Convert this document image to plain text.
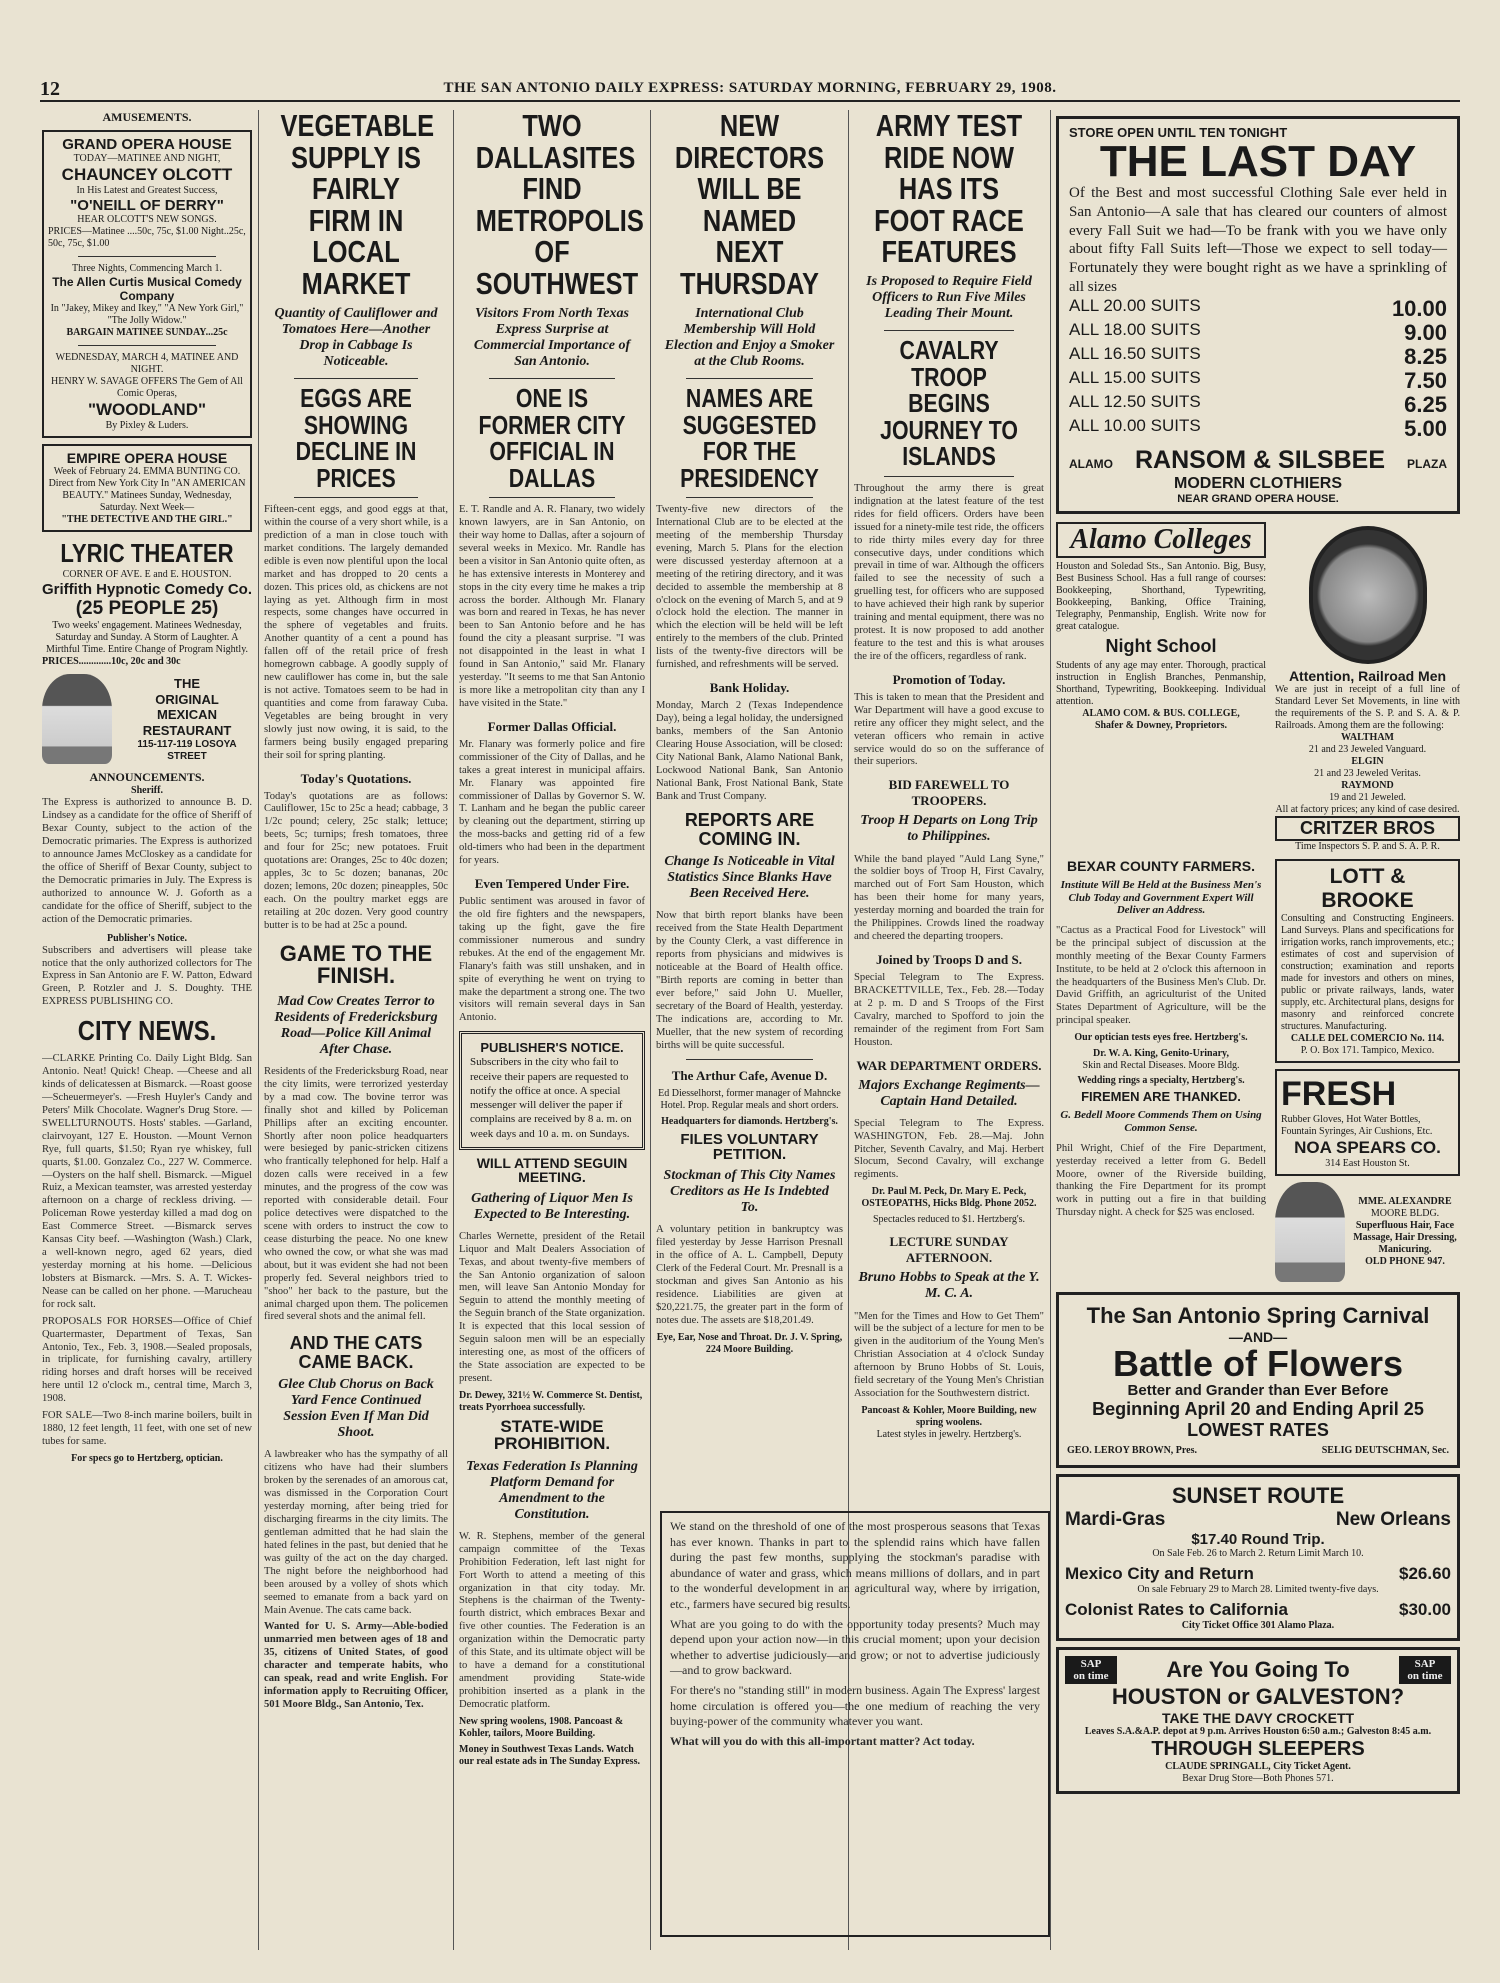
12	THE SAN ANTONIO DAILY EXPRESS: SATURDAY MORNING, FEBRUARY 29, 1908.
AMUSEMENTS.
GRAND OPERA HOUSE
TODAY—MATINEE AND NIGHT,
CHAUNCEY OLCOTT
In His Latest and Greatest Success,
"O'NEILL OF DERRY"
HEAR OLCOTT'S NEW SONGS.
PRICES—Matinee ....50c, 75c, $1.00 Night..25c, 50c, 75c, $1.00
Three Nights, Commencing March 1.
The Allen Curtis Musical Comedy Company
In "Jakey, Mikey and Ikey," "A New York Girl," "The Jolly Widow."
BARGAIN MATINEE SUNDAY...25c
WEDNESDAY, MARCH 4, MATINEE AND NIGHT.
HENRY W. SAVAGE OFFERS The Gem of All Comic Operas,
"WOODLAND"
By Pixley & Luders.
EMPIRE OPERA HOUSE
Week of February 24. EMMA BUNTING CO. Direct from New York City In "AN AMERICAN BEAUTY." Matinees Sunday, Wednesday, Saturday. Next Week—
"THE DETECTIVE AND THE GIRL."
LYRIC THEATER
CORNER OF AVE. E and E. HOUSTON.
Griffith Hypnotic Comedy Co.
(25 PEOPLE 25)
Two weeks' engagement. Matinees Wednesday, Saturday and Sunday. A Storm of Laughter. A Mirthful Time. Entire Change of Program Nightly.
PRICES.............10c, 20c and 30c
THE
ORIGINAL
MEXICAN
RESTAURANT
115-117-119 LOSOYA STREET
ANNOUNCEMENTS.
Sheriff.
The Express is authorized to announce B. D. Lindsey as a candidate for the office of Sheriff of Bexar County, subject to the action of the Democratic primaries. The Express is authorized to announce James McCloskey as a candidate for the office of Sheriff of Bexar County, subject to the Democratic primaries in July. The Express is authorized to announce W. J. Goforth as a candidate for the office of Sheriff, subject to the action of the Democratic primaries.
Publisher's Notice.
Subscribers and advertisers will please take notice that the only authorized collectors for The Express in San Antonio are F. W. Patton, Edward Green, P. Rotzler and J. S. Doughty. THE EXPRESS PUBLISHING CO.
CITY NEWS.
—CLARKE Printing Co. Daily Light Bldg. San Antonio. Neat! Quick! Cheap. —Cheese and all kinds of delicatessen at Bismarck. —Roast goose—Scheuermeyer's. —Fresh Huyler's Candy and Peters' Milk Chocolate. Wagner's Drug Store. —SWELLTURNOUTS. Hosts' stables. —Garland, clairvoyant, 127 E. Houston. —Mount Vernon Rye, full quarts, $1.50; Ryan rye whiskey, full quarts, $1.00. Gonzalez Co., 227 W. Commerce. —Oysters on the half shell. Bismarck. —Miguel Ruiz, a Mexican teamster, was arrested yesterday afternoon on a charge of reckless driving. —Policeman Rowe yesterday killed a mad dog on East Commerce Street. —Bismarck serves Kansas City beef. —Washington (Wash.) Clark, a well-known negro, aged 62 years, died yesterday morning at his home. —Delicious lobsters at Bismarck. —Mrs. S. A. T. Wickes-Nease can be called on her phone. —Marucheau for rock salt.
PROPOSALS FOR HORSES—Office of Chief Quartermaster, Department of Texas, San Antonio, Tex., Feb. 3, 1908.—Sealed proposals, in triplicate, for furnishing cavalry, artillery riding horses and draft horses will be received here until 12 o'clock m., central time, March 3, 1908.
FOR SALE—Two 8-inch marine boilers, built in 1880, 12 feet length, 11 feet, with one set of new tubes for same.
For specs go to Hertzberg, optician.
VEGETABLE SUPPLY IS FAIRLY FIRM IN LOCAL MARKET
Quantity of Cauliflower and Tomatoes Here—Another Drop in Cabbage Is Noticeable.
EGGS ARE SHOWING DECLINE IN PRICES
Fifteen-cent eggs, and good eggs at that, within the course of a very short while, is a prediction of a man in close touch with market conditions. The largely demanded edible is even now plentiful upon the local market and has dropped to 20 cents a dozen. This prices old, as chickens are not laying as yet. Although firm in most respects, some changes have occurred in the sphere of vegetables and fruits. Another quantity of a cent a pound has fallen off of the retail price of fresh homegrown cabbage. A goodly supply of new cauliflower has come in, but the sale is not active. Tomatoes seem to be had in quantities and come from faraway Cuba. Vegetables are being brought in very slowly just now owing, it is said, to the farmers being busily engaged preparing their soil for spring planting.
Today's Quotations.
Today's quotations are as follows: Cauliflower, 15c to 25c a head; cabbage, 3 1/2c pound; celery, 25c stalk; lettuce; beets, 5c; turnips; fresh tomatoes, three and four for 25c; new potatoes. Fruit quotations are: Oranges, 25c to 40c dozen; apples, 3c to 5c dozen; bananas, 20c dozen; lemons, 20c dozen; pineapples, 50c each. On the poultry market eggs are retailing at 20c dozen. Very good country butter is to be had at 25c a pound.
GAME TO THE FINISH.
Mad Cow Creates Terror to Residents of Fredericksburg Road—Police Kill Animal After Chase.
Residents of the Fredericksburg Road, near the city limits, were terrorized yesterday by a mad cow. The bovine terror was finally shot and killed by Policeman Phillips after an exciting encounter. Shortly after noon police headquarters were besieged by panic-stricken citizens who frantically telephoned for help. Half a dozen calls were received in a few minutes, and the progress of the cow was reported with considerable detail. Four police detectives were dispatched to the scene with orders to instruct the cow to cease disturbing the peace. No one knew who owned the cow, or what she was mad about, but it was evident she had not been properly fed. Several neighbors tried to "shoo" her back to the pasture, but the animal charged upon them. The policemen fired several shots and the animal fell.
AND THE CATS CAME BACK.
Glee Club Chorus on Back Yard Fence Continued Session Even If Man Did Shoot.
A lawbreaker who has the sympathy of all citizens who have had their slumbers broken by the serenades of an amorous cat, was dismissed in the Corporation Court yesterday morning, after being tried for discharging firearms in the city limits. The gentleman admitted that he had slain the hated felines in the past, but denied that he was guilty of the act on the day charged. The night before the neighborhood had been aroused by a volley of shots which seemed to emanate from a back yard on Main Avenue. The cats came back.
Wanted for U. S. Army—Able-bodied unmarried men between ages of 18 and 35, citizens of United States, of good character and temperate habits, who can speak, read and write English. For information apply to Recruiting Officer, 501 Moore Bldg., San Antonio, Tex.
TWO DALLASITES FIND METROPOLIS OF SOUTHWEST
Visitors From North Texas Express Surprise at Commercial Importance of San Antonio.
ONE IS FORMER CITY OFFICIAL IN DALLAS
E. T. Randle and A. R. Flanary, two widely known lawyers, are in San Antonio, on their way home to Dallas, after a sojourn of several weeks in Mexico. Mr. Randle has been a visitor in San Antonio quite often, as he has extensive interests in Monterey and stops in the city every time he makes a trip across the border. Although Mr. Flanary was born and reared in Texas, he has never been to San Antonio before and he has found the city a pleasant surprise. "I was not disappointed in the least in what I found in San Antonio," said Mr. Flanary yesterday. "It seems to me that San Antonio is more like a metropolitan city than any I have visited in the State."
Former Dallas Official.
Mr. Flanary was formerly police and fire commissioner of the City of Dallas, and he takes a great interest in municipal affairs. Mr. Flanary was appointed fire commissioner of Dallas by Governor S. W. T. Lanham and he began the public career by cleaning out the department, stirring up the moss-backs and getting rid of a few old-timers who had been in the department for years.
Even Tempered Under Fire.
Public sentiment was aroused in favor of the old fire fighters and the newspapers, taking up the fight, gave the fire commissioner numerous and sundry rebukes. At the end of the engagement Mr. Flanary's faith was still unshaken, and in spite of everything he went on trying to make the department a strong one. The two visitors will remain several days in San Antonio.
PUBLISHER'S NOTICE.
Subscribers in the city who fail to receive their papers are requested to notify the office at once. A special messenger will deliver the paper if complains are received by 8 a. m. on week days and 10 a. m. on Sundays.
WILL ATTEND SEGUIN MEETING.
Gathering of Liquor Men Is Expected to Be Interesting.
Charles Wernette, president of the Retail Liquor and Malt Dealers Association of Texas, and about twenty-five members of the San Antonio organization of saloon men, will leave San Antonio Monday for Seguin to attend the monthly meeting of the Seguin branch of the State organization. It is expected that this local session of Seguin saloon men will be an especially interesting one, as most of the officers of the State association are expected to be present.
Dr. Dewey, 321½ W. Commerce St. Dentist, treats Pyorrhoea successfully.
STATE-WIDE PROHIBITION.
Texas Federation Is Planning Platform Demand for Amendment to the Constitution.
W. R. Stephens, member of the general campaign committee of the Texas Prohibition Federation, left last night for Fort Worth to attend a meeting of this organization in that city today. Mr. Stephens is the chairman of the Twenty-fourth district, which embraces Bexar and five other counties. The Federation is an organization within the Democratic party of this State, and its ultimate object will be to have a demand for a constitutional amendment providing State-wide prohibition inserted as a plank in the Democratic platform.
New spring woolens, 1908. Pancoast & Kohler, tailors, Moore Building.
Money in Southwest Texas Lands. Watch our real estate ads in The Sunday Express.
NEW DIRECTORS WILL BE NAMED NEXT THURSDAY
International Club Membership Will Hold Election and Enjoy a Smoker at the Club Rooms.
NAMES ARE SUGGESTED FOR THE PRESIDENCY
Twenty-five new directors of the International Club are to be elected at the meeting of the membership Thursday evening, March 5. Plans for the election were discussed yesterday afternoon at a meeting of the retiring directory, and it was decided to assemble the membership at 8 o'clock on the evening of March 5, and at 9 o'clock hold the election. The manner in which the election will be held will be left entirely to the members of the club. Printed lists of the twenty-five directors will be furnished, and refreshments will be served.
Bank Holiday.
Monday, March 2 (Texas Independence Day), being a legal holiday, the undersigned banks, members of the San Antonio Clearing House Association, will be closed: City National Bank, Alamo National Bank, Lockwood National Bank, San Antonio National Bank, Frost National Bank, State Bank and Trust Company.
REPORTS ARE COMING IN.
Change Is Noticeable in Vital Statistics Since Blanks Have Been Received Here.
Now that birth report blanks have been received from the State Health Department by the County Clerk, a vast difference in reports from physicians and midwives is noticeable at the Board of Health office. "Birth reports are coming in better than ever before," said John U. Mueller, secretary of the Board of Health, yesterday. The indications are, according to Mr. Mueller, that the new system of recording births will be quite successful.
The Arthur Cafe, Avenue D.
Ed Diesselhorst, former manager of Mahncke Hotel. Prop. Regular meals and short orders.
Headquarters for diamonds. Hertzberg's.
FILES VOLUNTARY PETITION.
Stockman of This City Names Creditors as He Is Indebted To.
A voluntary petition in bankruptcy was filed yesterday by Jesse Harrison Presnall in the office of A. L. Campbell, Deputy Clerk of the Federal Court. Mr. Presnall is a stockman and gives San Antonio as his residence. Liabilities are given at $20,221.75, the greater part in the form of notes due. The assets are $18,201.49.
Eye, Ear, Nose and Throat. Dr. J. V. Spring, 224 Moore Building.
ARMY TEST RIDE NOW HAS ITS FOOT RACE FEATURES
Is Proposed to Require Field Officers to Run Five Miles Leading Their Mount.
CAVALRY TROOP BEGINS JOURNEY TO ISLANDS
Throughout the army there is great indignation at the latest feature of the test rides for field officers. Orders have been issued for a ninety-mile test ride, the officers to ride thirty miles every day for three consecutive days, under conditions which prevail in time of war. Although the officers failed to see the necessity of such a gruelling test, for officers who are supposed to have achieved their high rank by superior training and mental equipment, there was no protest. It is now proposed to add another feature to the test and this is what arouses the ire of the officers, regardless of rank.
Promotion of Today.
This is taken to mean that the President and War Department will have a good excuse to retire any officer they might select, and the veteran officers who remain in active service would do so on the sufferance of their superiors.
BID FAREWELL TO TROOPERS.
Troop H Departs on Long Trip to Philippines.
While the band played "Auld Lang Syne," the soldier boys of Troop H, First Cavalry, marched out of Fort Sam Houston, which has been their home for many years, yesterday morning and boarded the train for the Philippines. Crowds lined the roadway and cheered the departing troopers.
Joined by Troops D and S.
Special Telegram to The Express. BRACKETTVILLE, Tex., Feb. 28.—Today at 2 p. m. D and S Troops of the First Cavalry, marched to Spofford to join the remainder of the regiment from Fort Sam Houston.
WAR DEPARTMENT ORDERS.
Majors Exchange Regiments—Captain Hand Detailed.
Special Telegram to The Express. WASHINGTON, Feb. 28.—Maj. John Pitcher, Seventh Cavalry, and Maj. Herbert Slocum, Second Cavalry, will exchange regiments.
Dr. Paul M. Peck, Dr. Mary E. Peck, OSTEOPATHS, Hicks Bldg. Phone 2052.
Spectacles reduced to $1. Hertzberg's.
LECTURE SUNDAY AFTERNOON.
Bruno Hobbs to Speak at the Y. M. C. A.
"Men for the Times and How to Get Them" will be the subject of a lecture for men to be given in the auditorium of the Young Men's Christian Association at 4 o'clock Sunday afternoon by Bruno Hobbs of St. Louis, field secretary of the Young Men's Christian Association for the Southwestern district.
Pancoast & Kohler, Moore Building, new spring woolens.
Latest styles in jewelry. Hertzberg's.
We stand on the threshold of one of the most prosperous seasons that Texas has ever known. Thanks in part to the splendid rains which have fallen during the past few months, supplying the stockman's paradise with abundance of water and grass, which means millions of dollars, and in part to the wonderful development in an agricultural way, where by irrigation, etc., farmers have secured big results.
What are you going to do with the opportunity today presents? Much may depend upon your action now—in this crucial moment; upon your decision whether to advertise judiciously—and grow; or not to advertise judiciously—and to grow backward.
For there's no "standing still" in modern business. Again The Express' largest home circulation is offered you—the one medium of reaching the very buying-power of the community whatever you want.
What will you do with this all-important matter? Act today.
STORE OPEN UNTIL TEN TONIGHT
THE LAST DAY
Of the Best and most successful Clothing Sale ever held in San Antonio—A sale that has cleared our counters of almost every Fall Suit we had—To be frank with you we have only about fifty Fall Suits left—Those we expect to sell today—Fortunately they were bought right as we have a sprinkling of all sizes
ALL 20.00 SUITS	10.00
ALL 18.00 SUITS	9.00
ALL 16.50 SUITS	8.25
ALL 15.00 SUITS	7.50
ALL 12.50 SUITS	6.25
ALL 10.00 SUITS	5.00
ALAMO RANSOM & SILSBEE PLAZA
MODERN CLOTHIERS
NEAR GRAND OPERA HOUSE.
Alamo Colleges
Houston and Soledad Sts., San Antonio. Big, Busy, Best Business School. Has a full range of courses: Bookkeeping, Shorthand, Typewriting, Bookkeeping, Banking, Office Training, Telegraphy, Penmanship, English. Write now for great catalogue.
Night School
Students of any age may enter. Thorough, practical instruction in English Branches, Penmanship, Shorthand, Typewriting, Bookkeeping. Individual attention.
ALAMO COM. & BUS. COLLEGE,
Shafer & Downey, Proprietors.
Attention, Railroad Men
We are just in receipt of a full line of Standard Lever Set Movements, in line with the requirements of the S. P. and S. A. & P. Railroads. Among them are the following:
WALTHAM
21 and 23 Jeweled Vanguard.
ELGIN
21 and 23 Jeweled Veritas.
RAYMOND
19 and 21 Jeweled.
All at factory prices; any kind of case desired.
CRITZER BROS
Time Inspectors S. P. and S. A. P. R.
BEXAR COUNTY FARMERS.
Institute Will Be Held at the Business Men's Club Today and Government Expert Will Deliver an Address.
"Cactus as a Practical Food for Livestock" will be the principal subject of discussion at the monthly meeting of the Bexar County Farmers Institute, to be held at 2 o'clock this afternoon in the headquarters of the Business Men's Club. Dr. David Griffith, an agriculturist of the United States Department of Agriculture, will be the principal speaker.
Our optician tests eyes free. Hertzberg's.
Dr. W. A. King, Genito-Urinary,
Skin and Rectal Diseases. Moore Bldg.
Wedding rings a specialty, Hertzberg's.
FIREMEN ARE THANKED.
G. Bedell Moore Commends Them on Using Common Sense.
Phil Wright, Chief of the Fire Department, yesterday received a letter from G. Bedell Moore, owner of the Riverside building, thanking the Fire Department for its prompt work in putting out a fire in that building Thursday night. A check for $25 was enclosed.
LOTT & BROOKE
Consulting and Constructing Engineers. Land Surveys. Plans and specifications for irrigation works, ranch improvements, etc.; estimates of cost and supervision of construction; examination and reports made for investors and others on mines, public or private railways, lands, water supply, etc. Architectural plans, designs for masonry and reinforced concrete structures. Manufacturing.
CALLE DEL COMERCIO No. 114.
P. O. Box 171. Tampico, Mexico.
FRESH
Rubber Gloves, Hot Water Bottles, Fountain Syringes, Air Cushions, Etc.
NOA SPEARS CO.
314 East Houston St.
MME. ALEXANDRE
MOORE BLDG.
Superfluous Hair, Face Massage, Hair Dressing, Manicuring.
OLD PHONE 947.
The San Antonio Spring Carnival
—AND—
Battle of Flowers
Better and Grander than Ever Before
Beginning April 20 and Ending April 25
LOWEST RATES
GEO. LEROY BROWN, Pres.	SELIG DEUTSCHMAN, Sec.
SUNSET ROUTE
Mardi-Gras	New Orleans
$17.40 Round Trip.
On Sale Feb. 26 to March 2. Return Limit March 10.
Mexico City and Return	$26.60
On sale February 29 to March 28. Limited twenty-five days.
Colonist Rates to California	$30.00
City Ticket Office 301 Alamo Plaza.
SAP
on time	Are You Going To	SAP
on time
HOUSTON or GALVESTON?
TAKE THE DAVY CROCKETT
Leaves S.A.&A.P. depot at 9 p.m. Arrives Houston 6:50 a.m.; Galveston 8:45 a.m.
THROUGH SLEEPERS
CLAUDE SPRINGALL, City Ticket Agent.
Bexar Drug Store—Both Phones 571.
